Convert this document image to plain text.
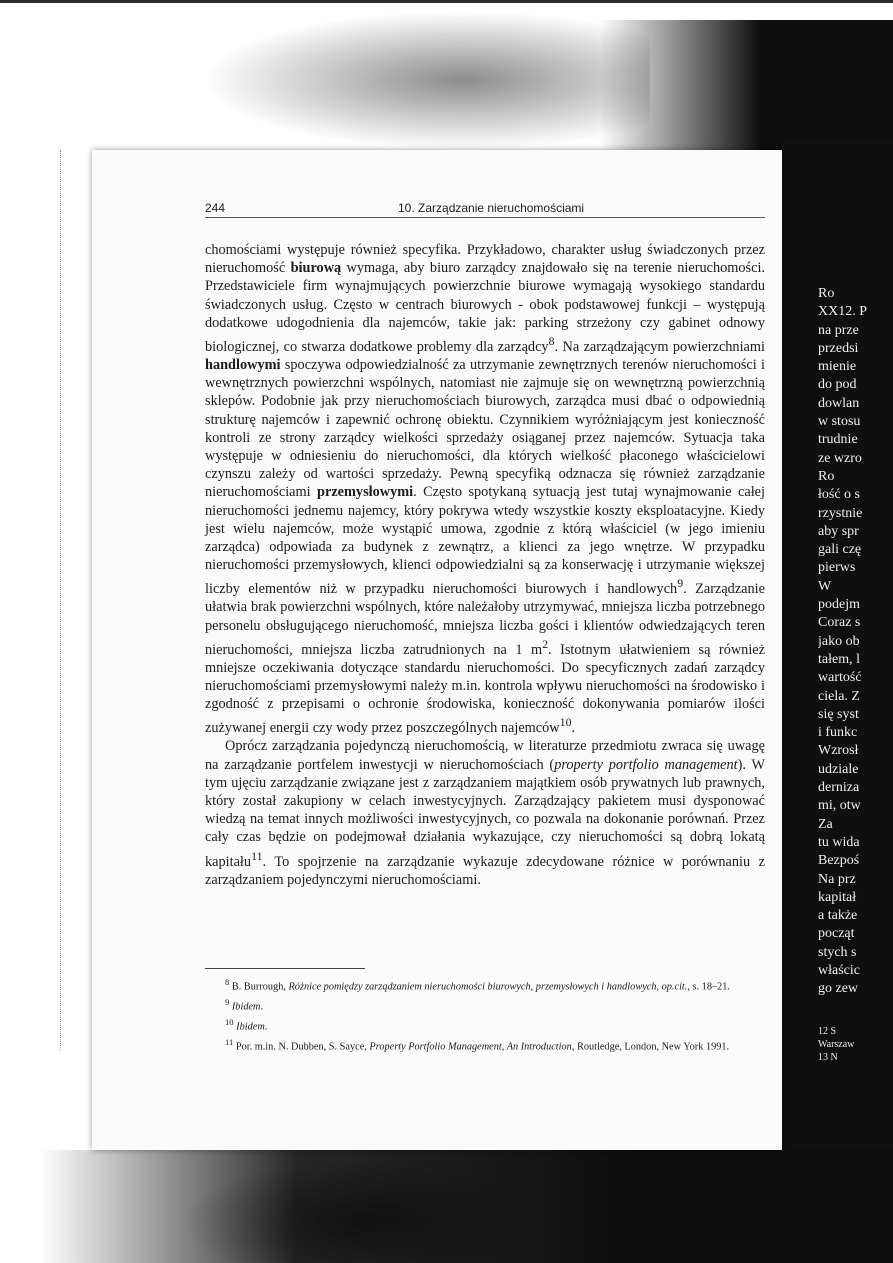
244	10. Zarządzanie nieruchomościami

chomościami występuje również specyfika. Przykładowo, charakter usług świadczonych przez nieruchomość biurową wymaga, aby biuro zarządcy znajdowało się na terenie nieruchomości. Przedstawiciele firm wynajmujących powierzchnie biurowe wymagają wysokiego standardu świadczonych usług. Często w centrach biurowych - obok podstawowej funkcji – występują dodatkowe udogodnienia dla najemców, takie jak: parking strzeżony czy gabinet odnowy biologicznej, co stwarza dodatkowe problemy dla zarządcy$^8$. Na zarządzającym powierzchniami handlowymi spoczywa odpowiedzialność za utrzymanie zewnętrznych terenów nieruchomości i wewnętrznych powierzchni wspólnych, natomiast nie zajmuje się on wewnętrzną powierzchnią sklepów. Podobnie jak przy nieruchomościach biurowych, zarządca musi dbać o odpowiednią strukturę najemców i zapewnić ochronę obiektu. Czynnikiem wyróżniającym jest konieczność kontroli ze strony zarządcy wielkości sprzedaży osiąganej przez najemców. Sytuacja taka występuje w odniesieniu do nieruchomości, dla których wielkość płaconego właścicielowi czynszu zależy od wartości sprzedaży. Pewną specyfiką odznacza się również zarządzanie nieruchomościami przemysłowymi. Często spotykaną sytuacją jest tutaj wynajmowanie całej nieruchomości jednemu najemcy, który pokrywa wtedy wszystkie koszty eksploatacyjne. Kiedy jest wielu najemców, może wystąpić umowa, zgodnie z którą właściciel (w jego imieniu zarządca) odpowiada za budynek z zewnątrz, a klienci za jego wnętrze. W przypadku nieruchomości przemysłowych, klienci odpowiedzialni są za konserwację i utrzymanie większej liczby elementów niż w przypadku nieruchomości biurowych i handlowych$^9$. Zarządzanie ułatwia brak powierzchni wspólnych, które należałoby utrzymywać, mniejsza liczba potrzebnego personelu obsługującego nieruchomość, mniejsza liczba gości i klientów odwiedzających teren nieruchomości, mniejsza liczba zatrudnionych na 1 $m^2$. Istotnym ułatwieniem są również mniejsze oczekiwania dotyczące standardu nieruchomości. Do specyficznych zadań zarządcy nieruchomościami przemysłowymi należy m.in. kontrola wpływu nieruchomości na środowisko i zgodność z przepisami o ochronie środowiska, konieczność dokonywania pomiarów ilości zużywanej energii czy wody przez poszczególnych najemców$^{10}$.

Oprócz zarządzania pojedynczą nieruchomością, w literaturze przedmiotu zwraca się uwagę na zarządzanie portfelem inwestycji w nieruchomościach (property portfolio management). W tym ujęciu zarządzanie związane jest z zarządzaniem majątkiem osób prywatnych lub prawnych, który został zakupiony w celach inwestycyjnych. Zarządzający pakietem musi dysponować wiedzą na temat innych możliwości inwestycyjnych, co pozwala na dokonanie porównań. Przez cały czas będzie on podejmował działania wykazujące, czy nieruchomości są dobrą lokatą kapitału$^{11}$. To spojrzenie na zarządzanie wykazuje zdecydowane różnice w porównaniu z zarządzaniem pojedynczymi nieruchomościami.

$^8$ B. Burrough, Różnice pomiędzy zarządzaniem nieruchomości biurowych, przemysłowych i handlowych, op.cit., s. 18–21.
$^9$ Ibidem.
$^{10}$ Ibidem.
$^{11}$ Por. m.in. N. Dubben, S. Sayce, Property Portfolio Management, An Introduction, Routledge, London, New York 1991.
Ro
XX12. P
na prze
przedsi
mienie
do pod
dowlan
w stosu
trudnie
ze wzro
Ro
łość o s
rzystnie
aby spr
gali czę
pierws
W
podejm
Coraz s
jako ob
tałem, l
wartość
ciela. Z
się syst
i funkc
Wzrosł
udziale
derniza
mi, otw
Za
tu wida
Bezpoś
Na prz
kapitał
a także
począt
stych s
właścic
go zew
12 S
Warszaw
13 N
